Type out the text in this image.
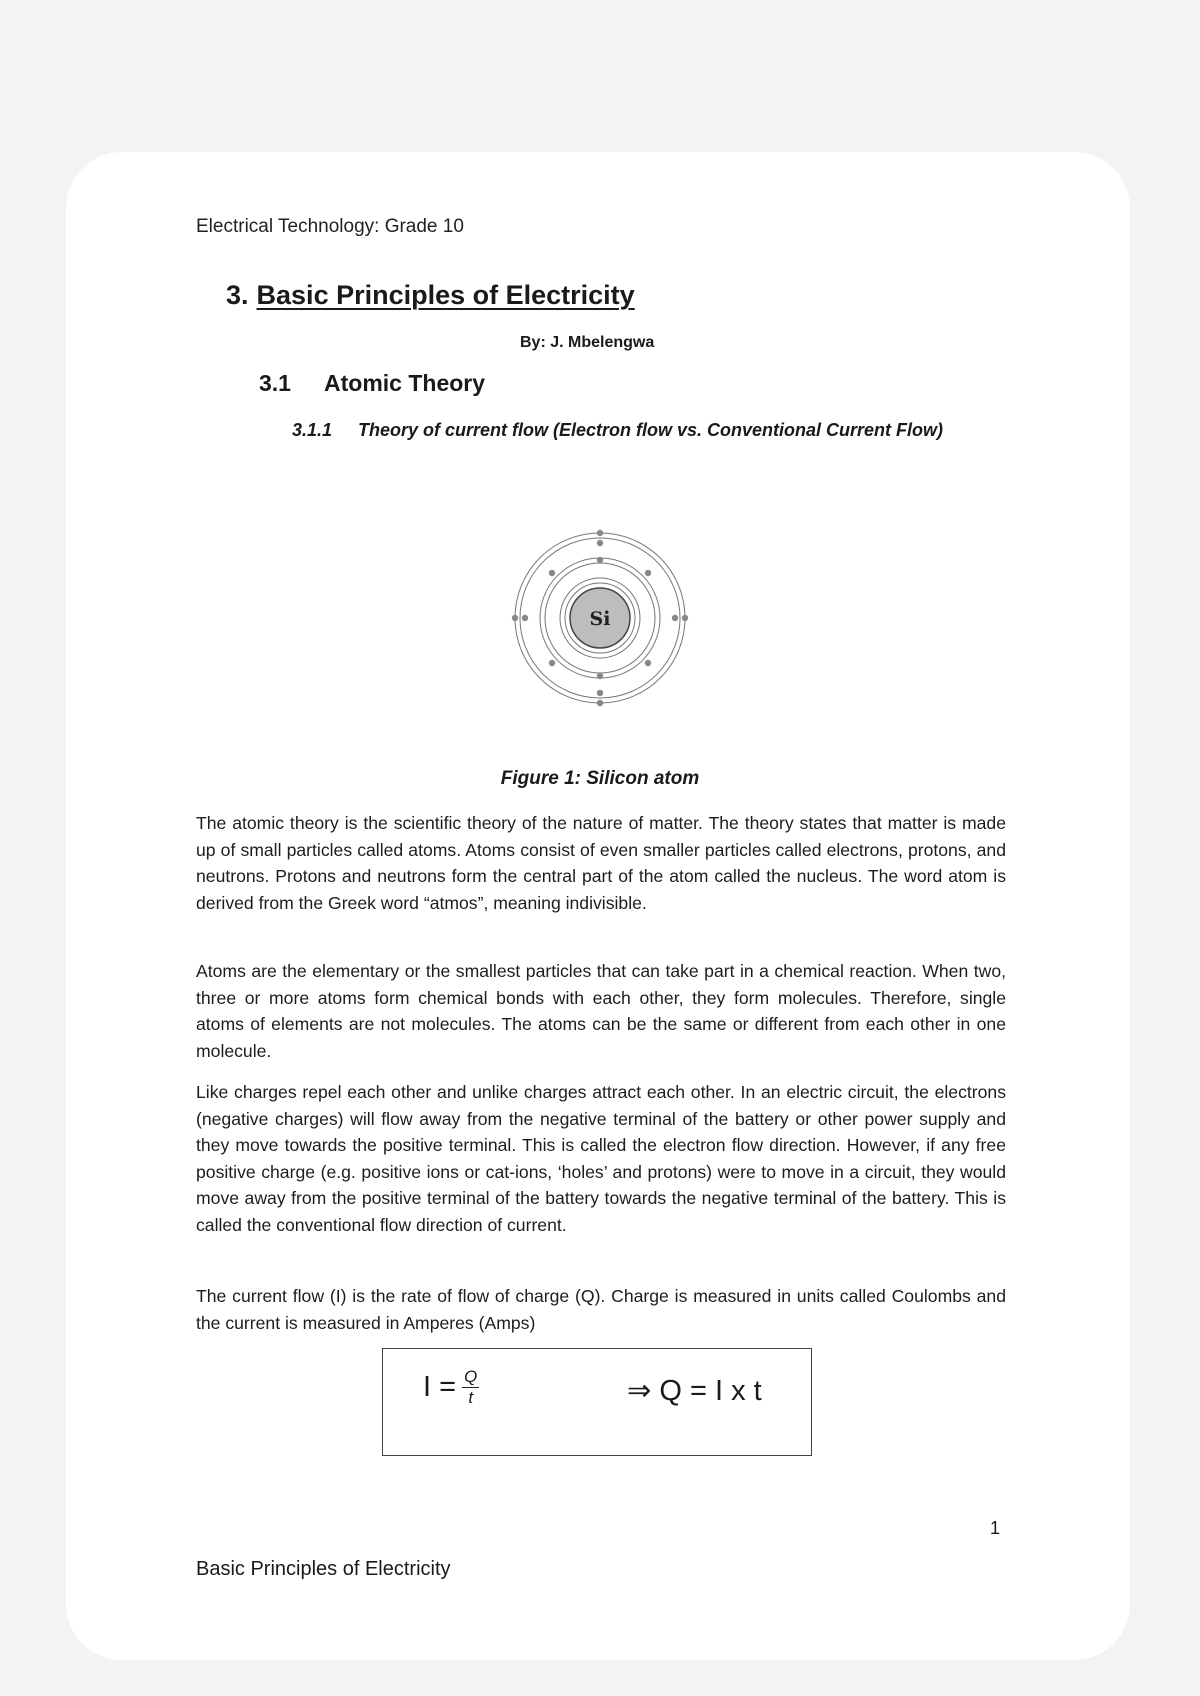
Electrical Technology: Grade 10
3. Basic Principles of Electricity
By: J. Mbelengwa
3.1	Atomic Theory
3.1.1	Theory of current flow (Electron flow vs. Conventional Current Flow)
Si
Figure 1: Silicon atom

The atomic theory is the scientific theory of the nature of matter. The theory states that matter is made up of small particles called atoms. Atoms consist of even smaller particles called electrons, protons, and neutrons. Protons and neutrons form the central part of the atom called the nucleus. The word atom is derived from the Greek word “atmos”, meaning indivisible.

Atoms are the elementary or the smallest particles that can take part in a chemical reaction. When two, three or more atoms form chemical bonds with each other, they form molecules. Therefore, single atoms of elements are not molecules. The atoms can be the same or different from each other in one molecule.

Like charges repel each other and unlike charges attract each other. In an electric circuit, the electrons (negative charges) will flow away from the negative terminal of the battery or other power supply and they move towards the positive terminal. This is called the electron flow direction. However, if any free positive charge (e.g. positive ions or cat-ions, ‘holes’ and protons) were to move in a circuit, they would move away from the positive terminal of the battery towards the negative terminal of the battery. This is called the conventional flow direction of current.

The current flow (I) is the rate of flow of charge (Q). Charge is measured in units called Coulombs and the current is measured in Amperes (Amps)

$I = \frac{Q}{t}$	⇒ Q = I x t
1
Basic Principles of Electricity
